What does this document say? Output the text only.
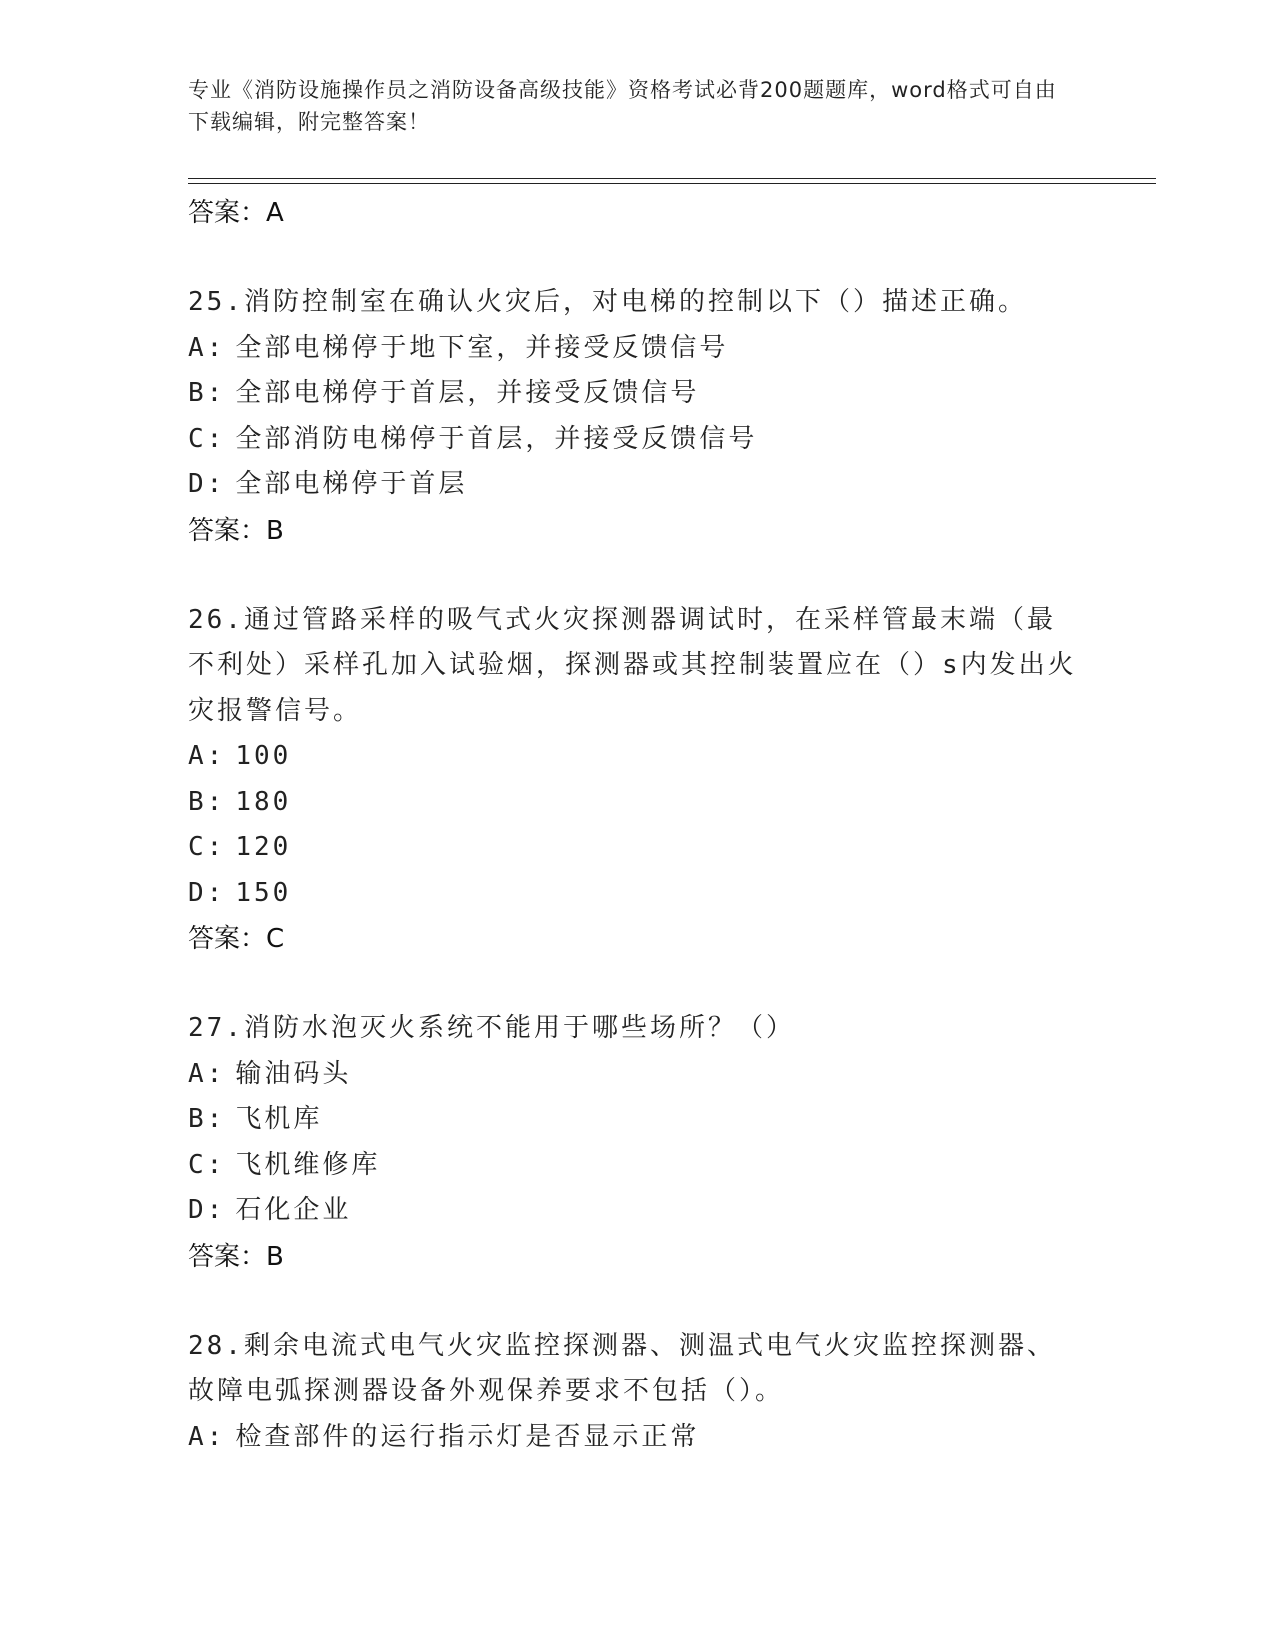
专业《消防设施操作员之消防设备高级技能》资格考试必背200题题库，word格式可自由下载编辑，附完整答案！
答案：A
25.消防控制室在确认火灾后，对电梯的控制以下（）描述正确。
A: 全部电梯停于地下室，并接受反馈信号
B: 全部电梯停于首层，并接受反馈信号
C: 全部消防电梯停于首层，并接受反馈信号
D: 全部电梯停于首层
答案：B
26.通过管路采样的吸气式火灾探测器调试时，在采样管最末端（最不利处）采样孔加入试验烟，探测器或其控制装置应在（）s内发出火灾报警信号。
A: 100
B: 180
C: 120
D: 150
答案：C
27.消防水泡灭火系统不能用于哪些场所？（）
A: 输油码头
B: 飞机库
C: 飞机维修库
D: 石化企业
答案：B
28.剩余电流式电气火灾监控探测器、测温式电气火灾监控探测器、故障电弧探测器设备外观保养要求不包括（）。
A: 检查部件的运行指示灯是否显示正常
